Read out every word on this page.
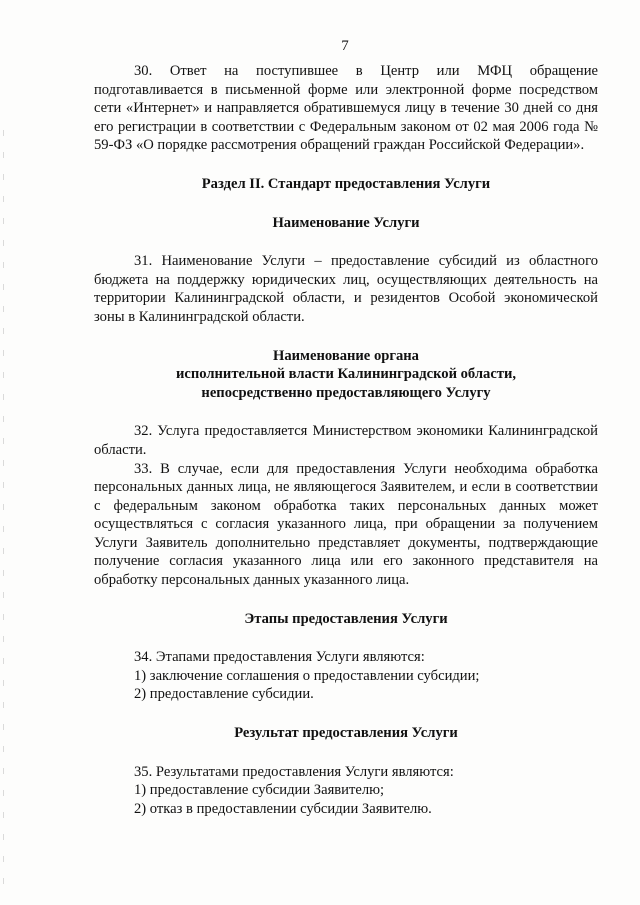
7

30. Ответ на поступившее в Центр или МФЦ обращение подготавливается в письменной форме или электронной форме посредством сети «Интернет» и направляется обратившемуся лицу в течение 30 дней со дня его регистрации в соответствии с Федеральным законом от 02 мая 2006 года № 59-ФЗ «О порядке рассмотрения обращений граждан Российской Федерации».

Раздел II. Стандарт предоставления Услуги
Наименование Услуги

31. Наименование Услуги – предоставление субсидий из областного бюджета на поддержку юридических лиц, осуществляющих деятельность на территории Калининградской области, и резидентов Особой экономической зоны в Калининградской области.

Наименование органа
исполнительной власти Калининградской области,
непосредственно предоставляющего Услугу

32. Услуга предоставляется Министерством экономики Калининградской области.

33. В случае, если для предоставления Услуги необходима обработка персональных данных лица, не являющегося Заявителем, и если в соответствии с федеральным законом обработка таких персональных данных может осуществляться с согласия указанного лица, при обращении за получением Услуги Заявитель дополнительно представляет документы, подтверждающие получение согласия указанного лица или его законного представителя на обработку персональных данных указанного лица.

Этапы предоставления Услуги

34. Этапами предоставления Услуги являются:

1) заключение соглашения о предоставлении субсидии;

2) предоставление субсидии.

Результат предоставления Услуги

35. Результатами предоставления Услуги являются:

1) предоставление субсидии Заявителю;

2) отказ в предоставлении субсидии Заявителю.
